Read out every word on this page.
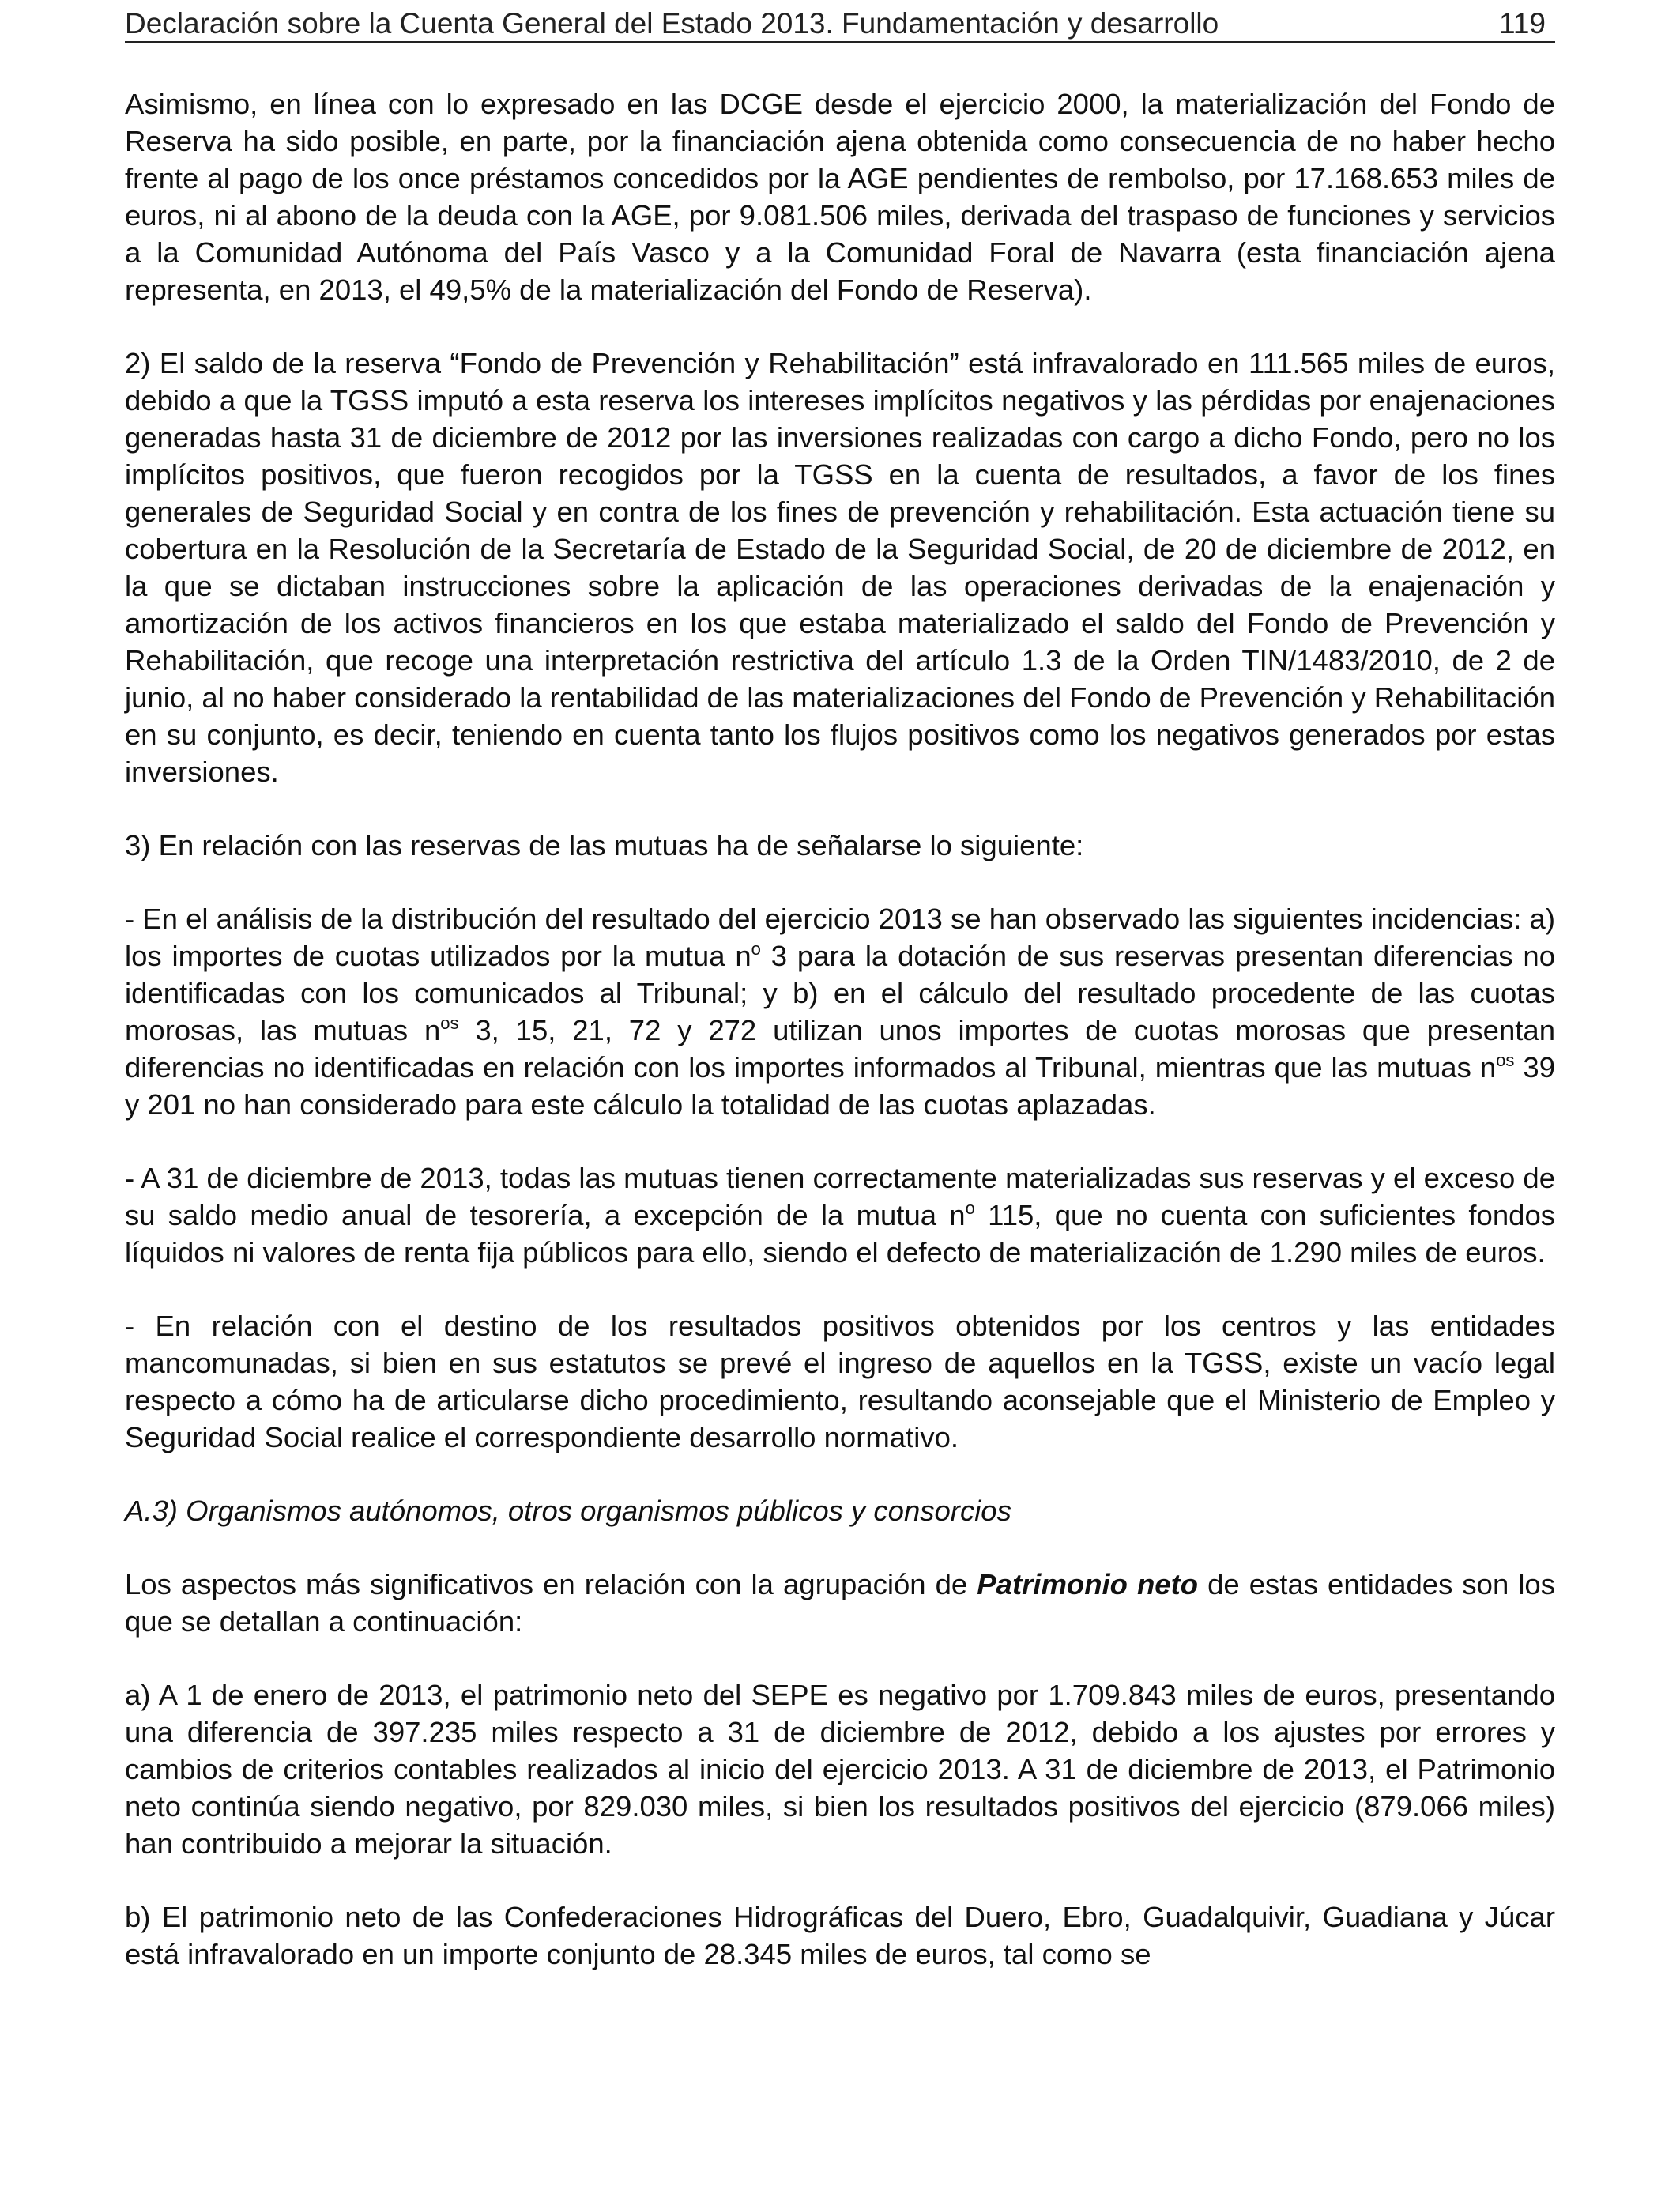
Declaración sobre la Cuenta General del Estado 2013. Fundamentación y desarrollo	119

Asimismo, en línea con lo expresado en las DCGE desde el ejercicio 2000, la materialización del Fondo de Reserva ha sido posible, en parte, por la financiación ajena obtenida como consecuencia de no haber hecho frente al pago de los once préstamos concedidos por la AGE pendientes de rembolso, por 17.168.653 miles de euros, ni al abono de la deuda con la AGE, por 9.081.506 miles, derivada del traspaso de funciones y servicios a la Comunidad Autónoma del País Vasco y a la Comunidad Foral de Navarra (esta financiación ajena representa, en 2013, el 49,5% de la materialización del Fondo de Reserva).

2) El saldo de la reserva “Fondo de Prevención y Rehabilitación” está infravalorado en 111.565 miles de euros, debido a que la TGSS imputó a esta reserva los intereses implícitos negativos y las pérdidas por enajenaciones generadas hasta 31 de diciembre de 2012 por las inversiones realizadas con cargo a dicho Fondo, pero no los implícitos positivos, que fueron recogidos por la TGSS en la cuenta de resultados, a favor de los fines generales de Seguridad Social y en contra de los fines de prevención y rehabilitación. Esta actuación tiene su cobertura en la Resolución de la Secretaría de Estado de la Seguridad Social, de 20 de diciembre de 2012, en la que se dictaban instrucciones sobre la aplicación de las operaciones derivadas de la enajenación y amortización de los activos financieros en los que estaba materializado el saldo del Fondo de Prevención y Rehabilitación, que recoge una interpretación restrictiva del artículo 1.3 de la Orden TIN/1483/2010, de 2 de junio, al no haber considerado la rentabilidad de las materializaciones del Fondo de Prevención y Rehabilitación en su conjunto, es decir, teniendo en cuenta tanto los flujos positivos como los negativos generados por estas inversiones.

3) En relación con las reservas de las mutuas ha de señalarse lo siguiente:

- En el análisis de la distribución del resultado del ejercicio 2013 se han observado las siguientes incidencias: a) los importes de cuotas utilizados por la mutua $n^o$ 3 para la dotación de sus reservas presentan diferencias no identificadas con los comunicados al Tribunal; y b) en el cálculo del resultado procedente de las cuotas morosas, las mutuas $n^{os}$ 3, 15, 21, 72 y 272 utilizan unos importes de cuotas morosas que presentan diferencias no identificadas en relación con los importes informados al Tribunal, mientras que las mutuas $n^{os}$ 39 y 201 no han considerado para este cálculo la totalidad de las cuotas aplazadas.

- A 31 de diciembre de 2013, todas las mutuas tienen correctamente materializadas sus reservas y el exceso de su saldo medio anual de tesorería, a excepción de la mutua $n^o$ 115, que no cuenta con suficientes fondos líquidos ni valores de renta fija públicos para ello, siendo el defecto de materialización de 1.290 miles de euros.

- En relación con el destino de los resultados positivos obtenidos por los centros y las entidades mancomunadas, si bien en sus estatutos se prevé el ingreso de aquellos en la TGSS, existe un vacío legal respecto a cómo ha de articularse dicho procedimiento, resultando aconsejable que el Ministerio de Empleo y Seguridad Social realice el correspondiente desarrollo normativo.

A.3) Organismos autónomos, otros organismos públicos y consorcios

Los aspectos más significativos en relación con la agrupación de Patrimonio neto de estas entidades son los que se detallan a continuación:

a) A 1 de enero de 2013, el patrimonio neto del SEPE es negativo por 1.709.843 miles de euros, presentando una diferencia de 397.235 miles respecto a 31 de diciembre de 2012, debido a los ajustes por errores y cambios de criterios contables realizados al inicio del ejercicio 2013. A 31 de diciembre de 2013, el Patrimonio neto continúa siendo negativo, por 829.030 miles, si bien los resultados positivos del ejercicio (879.066 miles) han contribuido a mejorar la situación.

b) El patrimonio neto de las Confederaciones Hidrográficas del Duero, Ebro, Guadalquivir, Guadiana y Júcar está infravalorado en un importe conjunto de 28.345 miles de euros, tal como se
